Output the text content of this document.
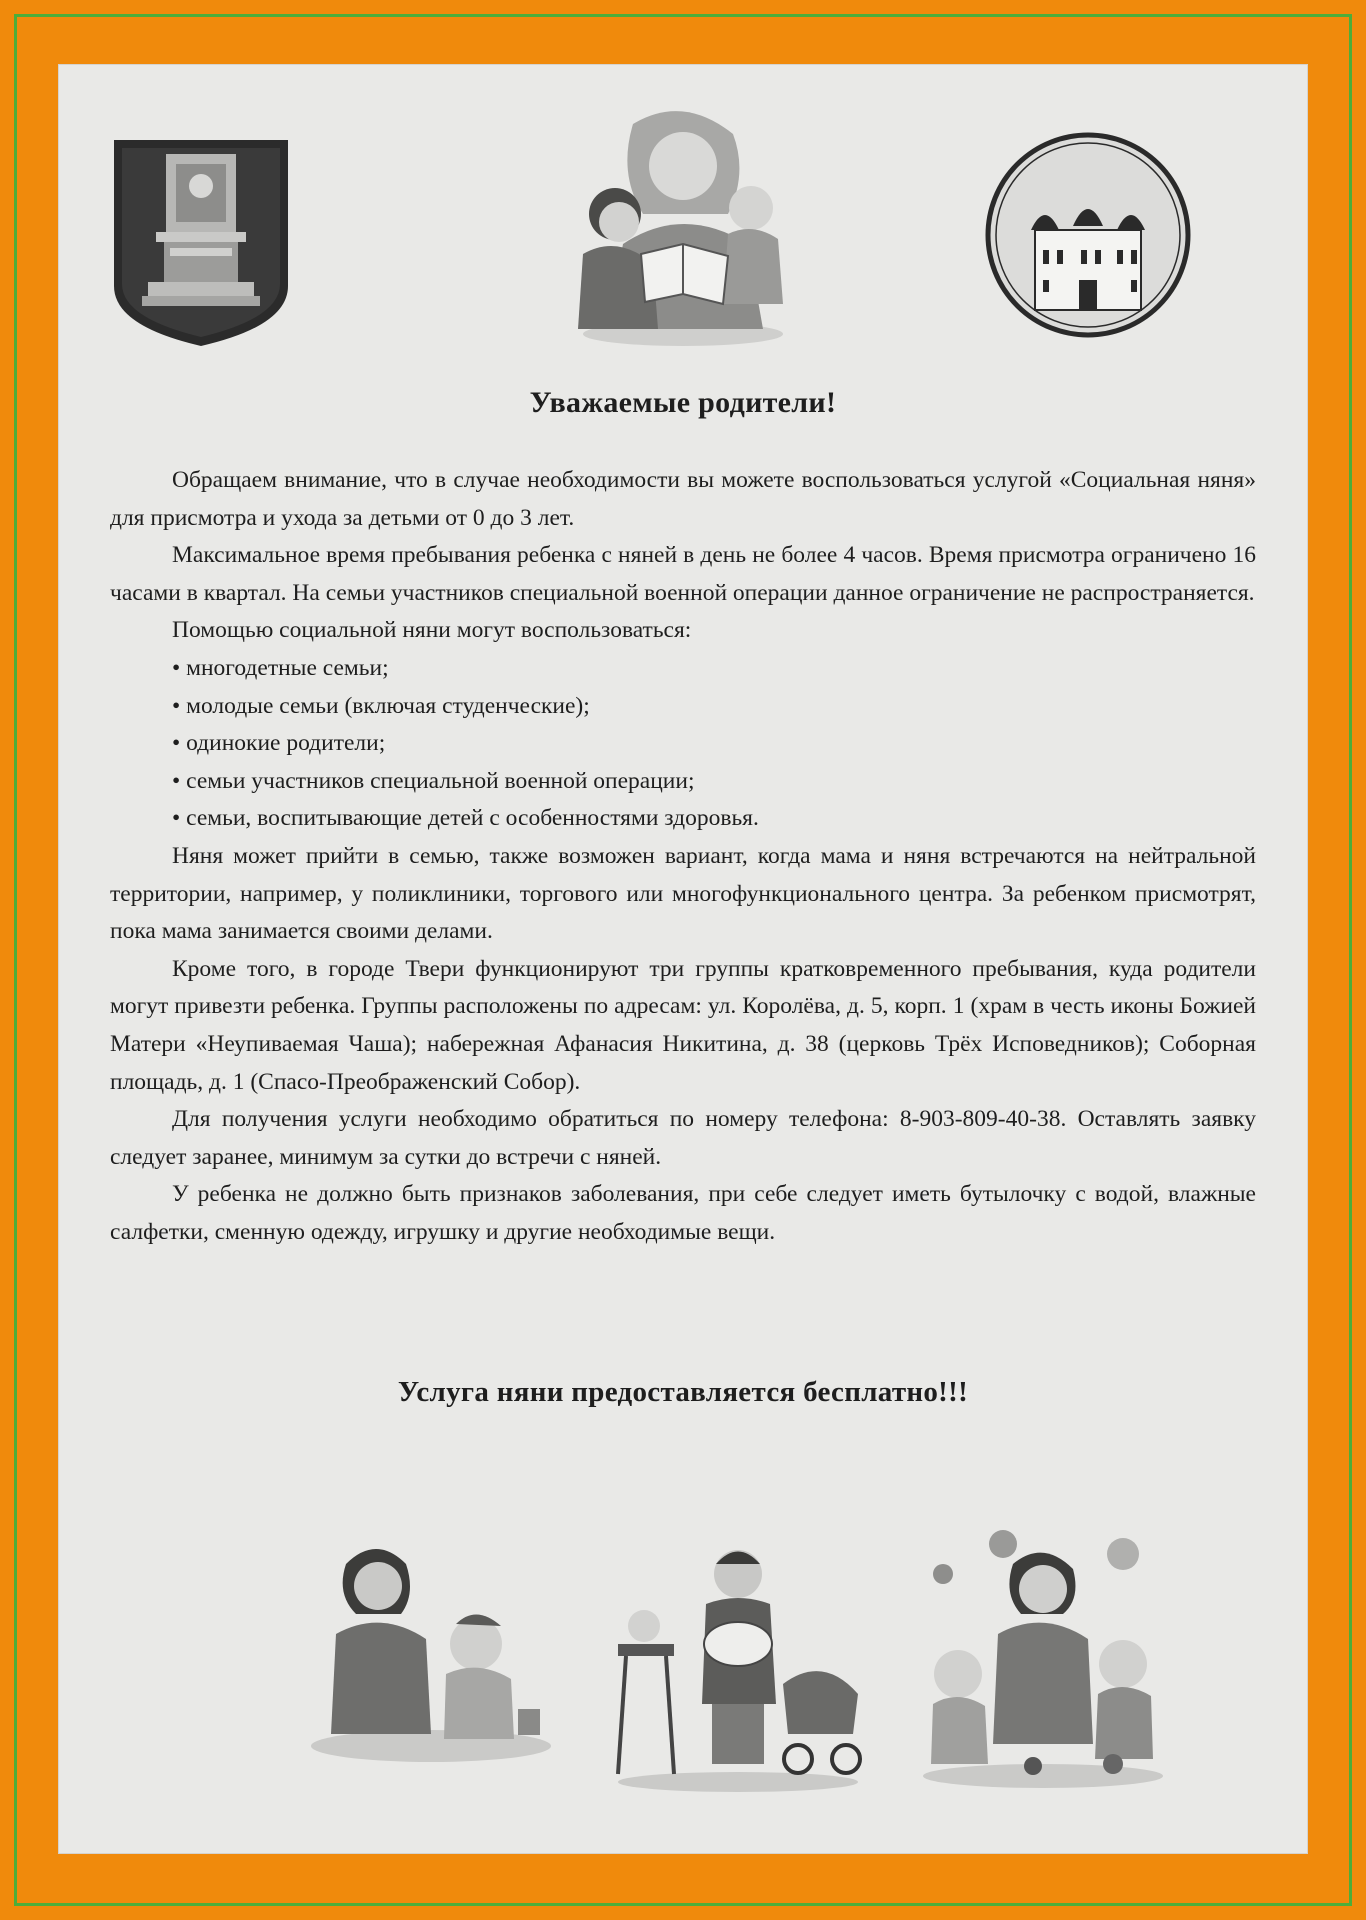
Уважаемые родители!

Обращаем внимание, что в случае необходимости вы можете воспользоваться услугой «Социальная няня» для присмотра и ухода за детьми от 0 до 3 лет.

Максимальное время пребывания ребенка с няней в день не более 4 часов. Время присмотра ограничено 16 часами в квартал. На семьи участников специальной военной операции данное ограничение не распространяется.

Помощью социальной няни могут воспользоваться:

• многодетные семьи;
• молодые семьи (включая студенческие);
• одинокие родители;
• семьи участников специальной военной операции;
• семьи, воспитывающие детей с особенностями здоровья.

Няня может прийти в семью, также возможен вариант, когда мама и няня встречаются на нейтральной территории, например, у поликлиники, торгового или многофункционального центра. За ребенком присмотрят, пока мама занимается своими делами.

Кроме того, в городе Твери функционируют три группы кратковременного пребывания, куда родители могут привезти ребенка. Группы расположены по адресам: ул. Королёва, д. 5, корп. 1 (храм в честь иконы Божией Матери «Неупиваемая Чаша); набережная Афанасия Никитина, д. 38 (церковь Трёх Исповедников); Соборная площадь, д. 1 (Спасо-Преображенский Собор).

Для получения услуги необходимо обратиться по номеру телефона: 8-903-809-40-38. Оставлять заявку следует заранее, минимум за сутки до встречи с няней.

У ребенка не должно быть признаков заболевания, при себе следует иметь бутылочку с водой, влажные салфетки, сменную одежду, игрушку и другие необходимые вещи.

Услуга няни предоставляется бесплатно!!!
